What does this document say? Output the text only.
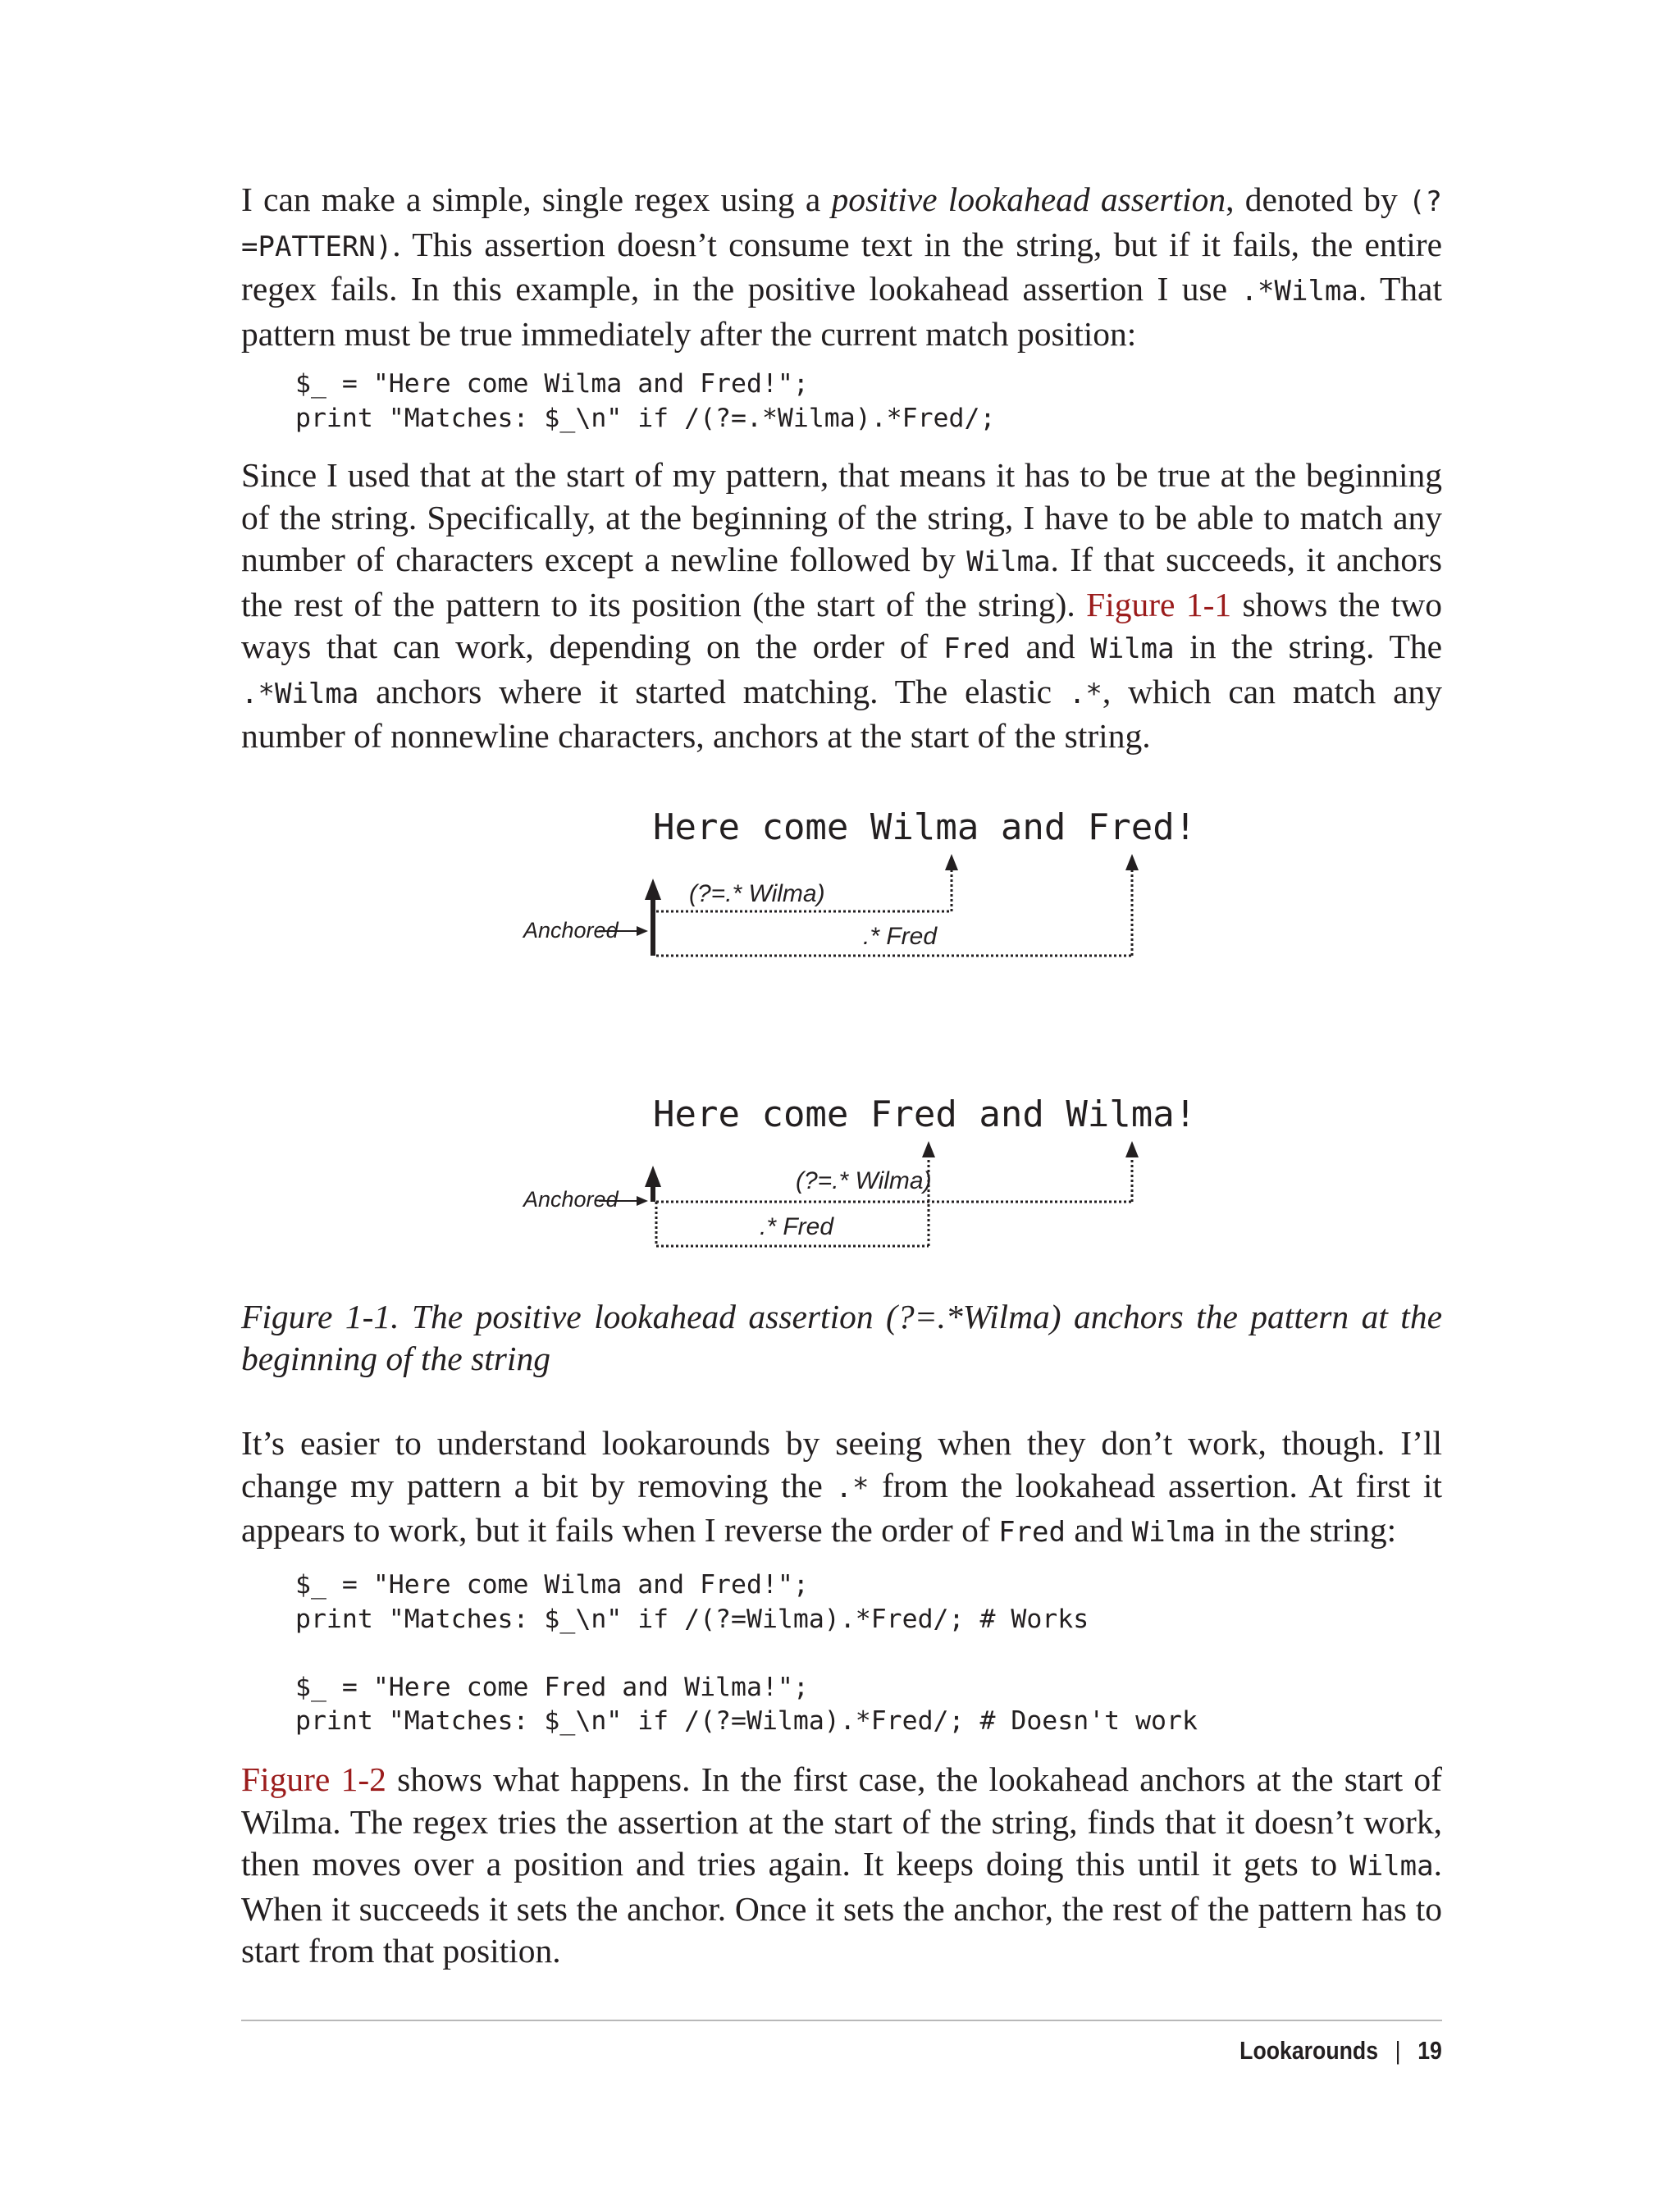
I can make a simple, single regex using a positive lookahead assertion, denoted by (?=PATTERN). This assertion doesn’t consume text in the string, but if it fails, the entire regex fails. In this example, in the positive lookahead assertion I use .*Wilma. That pattern must be true immediately after the current match position:

$_ = "Here come Wilma and Fred!";
print "Matches: $_\n" if /(?=.*Wilma).*Fred/;

Since I used that at the start of my pattern, that means it has to be true at the beginning of the string. Specifically, at the beginning of the string, I have to be able to match any number of characters except a newline followed by Wilma. If that succeeds, it anchors the rest of the pattern to its position (the start of the string). Figure 1-1 shows the two ways that can work, depending on the order of Fred and Wilma in the string. The .*Wilma anchors where it started matching. The elastic .*, which can match any number of nonnewline characters, anchors at the start of the string.

Here come Wilma and Fred!
Anchored
(?=.* Wilma)
.* Fred
Here come Fred and Wilma!
Anchored
(?=.* Wilma)
.* Fred

Figure 1-1. The positive lookahead assertion (?=.*Wilma) anchors the pattern at the beginning of the string

It’s easier to understand lookarounds by seeing when they don’t work, though. I’ll change my pattern a bit by removing the .* from the lookahead assertion. At first it appears to work, but it fails when I reverse the order of Fred and Wilma in the string:

$_ = "Here come Wilma and Fred!";
print "Matches: $_\n" if /(?=Wilma).*Fred/; # Works

$_ = "Here come Fred and Wilma!";
print "Matches: $_\n" if /(?=Wilma).*Fred/; # Doesn't work

Figure 1-2 shows what happens. In the first case, the lookahead anchors at the start of Wilma. The regex tries the assertion at the start of the string, finds that it doesn’t work, then moves over a position and tries again. It keeps doing this until it gets to Wilma. When it succeeds it sets the anchor. Once it sets the anchor, the rest of the pattern has to start from that position.

Lookarounds | 19
